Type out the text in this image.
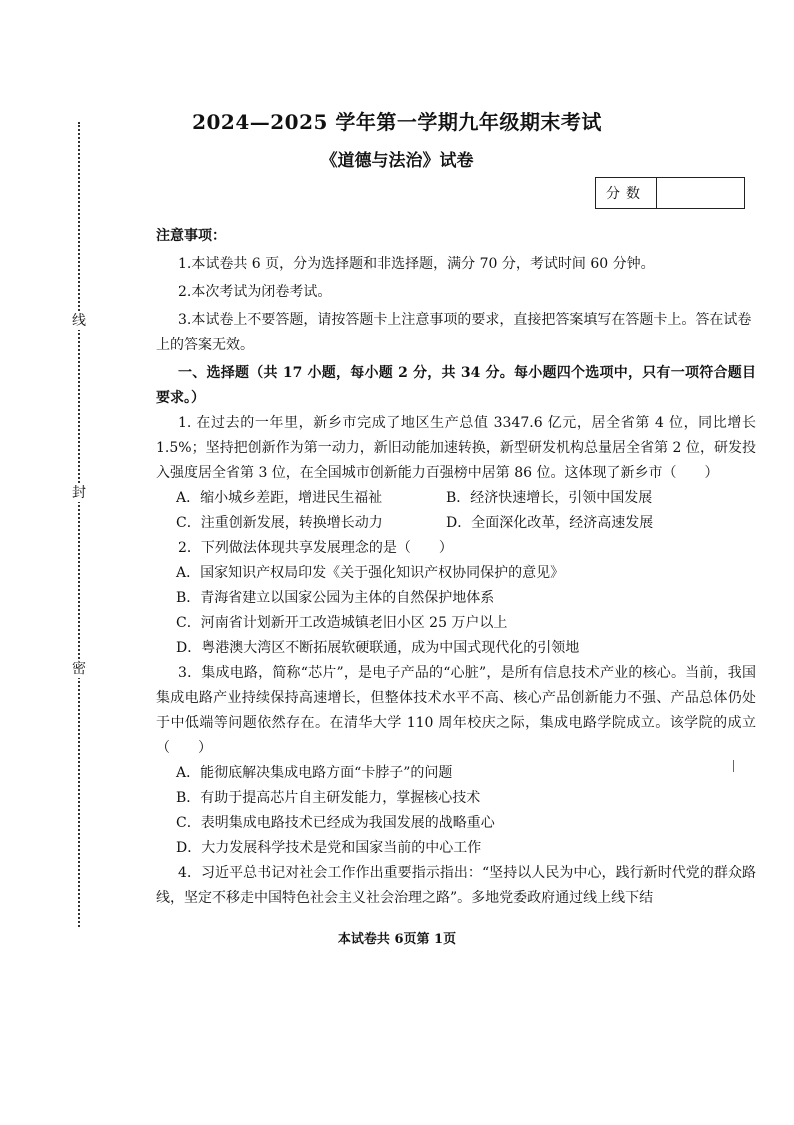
线
封
密
2024—2025 学年第一学期九年级期末考试
《道德与法治》试卷
分数
注意事项：

1.本试卷共 6 页，分为选择题和非选择题，满分 70 分，考试时间 60 分钟。

2.本次考试为闭卷考试。

3.本试卷上不要答题，请按答题卡上注意事项的要求，直接把答案填写在答题卡上。答在试卷上的答案无效。

一、选择题（共 17 小题，每小题 2 分，共 34 分。每小题四个选项中，只有一项符合题目要求。）

1. 在过去的一年里，新乡市完成了地区生产总值 3347.6 亿元，居全省第 4 位，同比增长 1.5%；坚持把创新作为第一动力，新旧动能加速转换，新型研发机构总量居全省第 2 位，研发投入强度居全省第 3 位，在全国城市创新能力百强榜中居第 86 位。这体现了新乡市（　　）

A．缩小城乡差距，增进民生福祉	B．经济快速增长，引领中国发展
C．注重创新发展，转换增长动力	D．全面深化改革，经济高速发展

2．下列做法体现共享发展理念的是（　　）

A．国家知识产权局印发《关于强化知识产权协同保护的意见》

B．青海省建立以国家公园为主体的自然保护地体系

C．河南省计划新开工改造城镇老旧小区 25 万户以上

D．粤港澳大湾区不断拓展软硬联通，成为中国式现代化的引领地

3．集成电路，简称“芯片”，是电子产品的“心脏”，是所有信息技术产业的核心。当前，我国集成电路产业持续保持高速增长，但整体技术水平不高、核心产品创新能力不强、产品总体仍处于中低端等问题依然存在。在清华大学 110 周年校庆之际，集成电路学院成立。该学院的成立（　　）

A．能彻底解决集成电路方面“卡脖子”的问题

B．有助于提高芯片自主研发能力，掌握核心技术

C．表明集成电路技术已经成为我国发展的战略重心

D．大力发展科学技术是党和国家当前的中心工作

4．习近平总书记对社会工作作出重要指示指出：“坚持以人民为中心，践行新时代党的群众路线，坚定不移走中国特色社会主义社会治理之路”。多地党委政府通过线上线下结

本试卷共 6页第 1页
